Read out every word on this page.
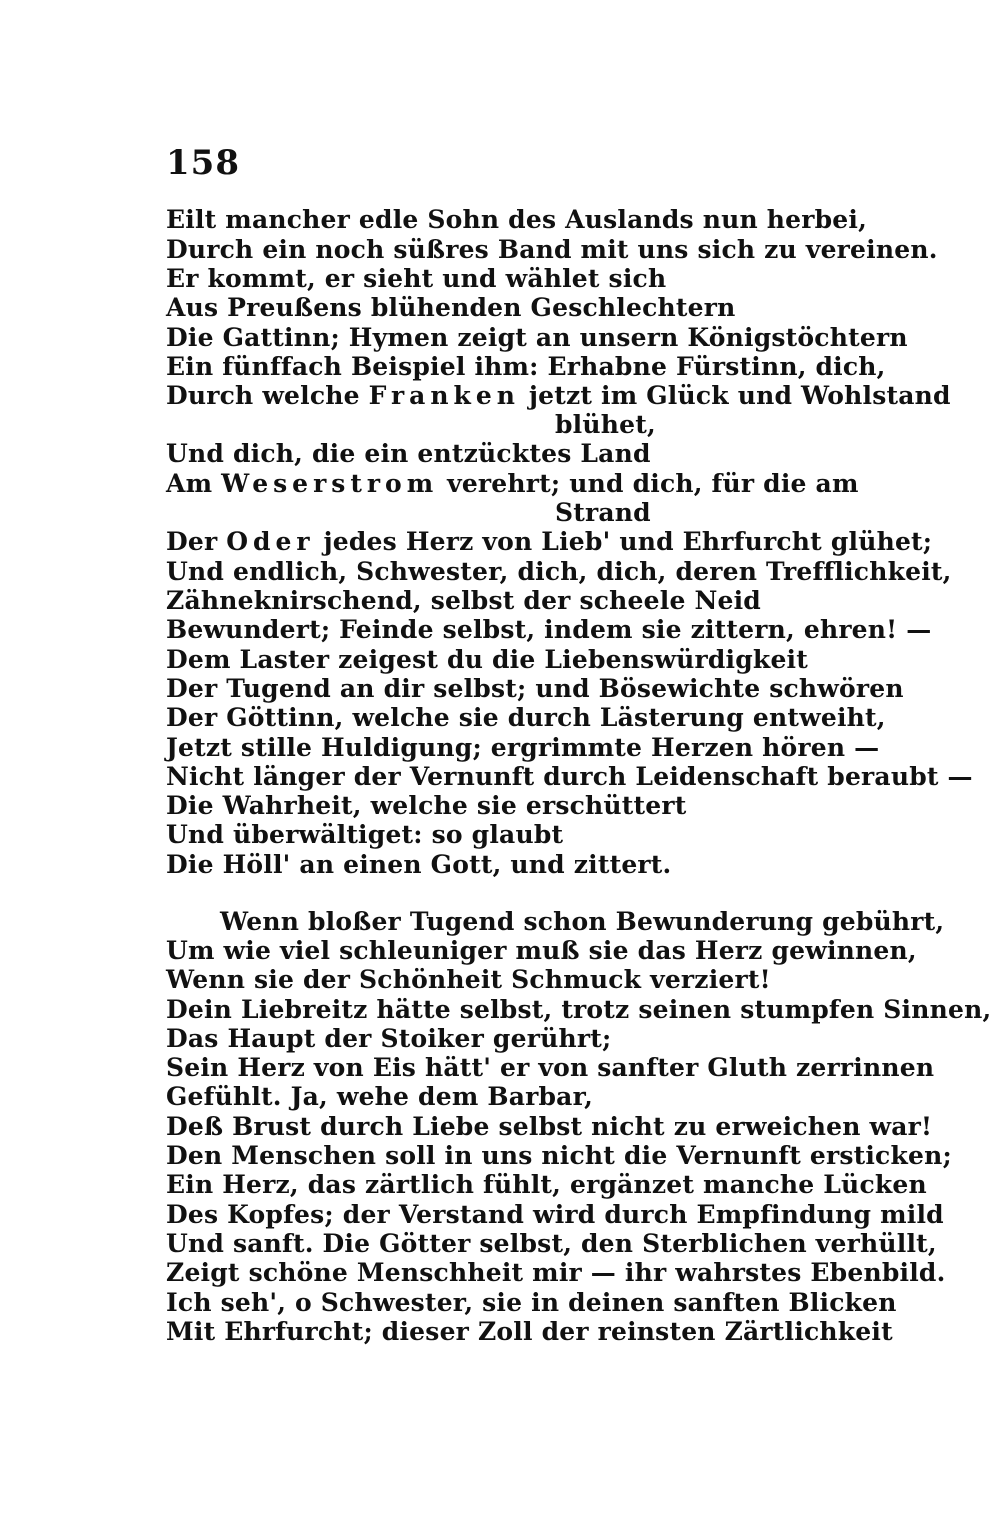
158
Eilt mancher edle Sohn des Auslands nun herbei,
Durch ein noch süßres Band mit uns sich zu vereinen.
Er kommt, er sieht und wählet sich
Aus Preußens blühenden Geschlechtern
Die Gattinn; Hymen zeigt an unsern Königstöchtern
Ein fünffach Beispiel ihm: Erhabne Fürstinn, dich,
Durch welche Franken jetzt im Glück und Wohlstand
blühet,
Und dich, die ein entzücktes Land
Am Weserstrom verehrt; und dich, für die am
Strand
Der Oder jedes Herz von Lieb' und Ehrfurcht glühet;
Und endlich, Schwester, dich, dich, deren Trefflichkeit,
Zähneknirschend, selbst der scheele Neid
Bewundert; Feinde selbst, indem sie zittern, ehren! —
Dem Laster zeigest du die Liebenswürdigkeit
Der Tugend an dir selbst; und Bösewichte schwören
Der Göttinn, welche sie durch Lästerung entweiht,
Jetzt stille Huldigung; ergrimmte Herzen hören —
Nicht länger der Vernunft durch Leidenschaft beraubt —
Die Wahrheit, welche sie erschüttert
Und überwältiget: so glaubt
Die Höll' an einen Gott, und zittert.
Wenn bloßer Tugend schon Bewunderung gebührt,
Um wie viel schleuniger muß sie das Herz gewinnen,
Wenn sie der Schönheit Schmuck verziert!
Dein Liebreitz hätte selbst, trotz seinen stumpfen Sinnen,
Das Haupt der Stoiker gerührt;
Sein Herz von Eis hätt' er von sanfter Gluth zerrinnen
Gefühlt. Ja, wehe dem Barbar,
Deß Brust durch Liebe selbst nicht zu erweichen war!
Den Menschen soll in uns nicht die Vernunft ersticken;
Ein Herz, das zärtlich fühlt, ergänzet manche Lücken
Des Kopfes; der Verstand wird durch Empfindung mild
Und sanft. Die Götter selbst, den Sterblichen verhüllt,
Zeigt schöne Menschheit mir — ihr wahrstes Ebenbild.
Ich seh', o Schwester, sie in deinen sanften Blicken
Mit Ehrfurcht; dieser Zoll der reinsten Zärtlichkeit
